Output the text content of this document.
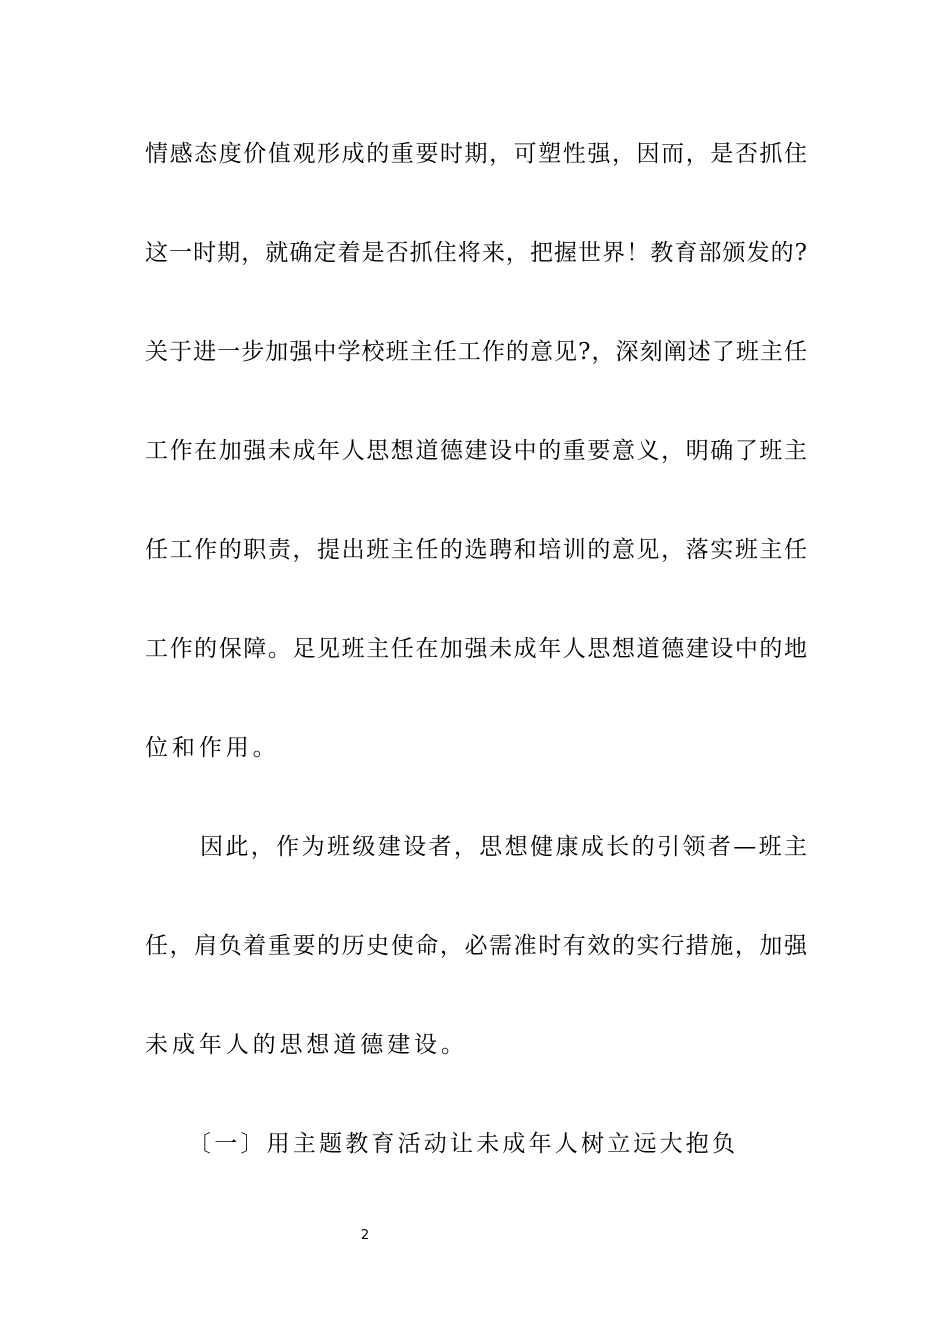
情感态度价值观形成的重要时期，可塑性强，因而，是否抓住
这一时期，就确定着是否抓住将来，把握世界！教育部颁发的?
关于进一步加强中学校班主任工作的意见?，深刻阐述了班主任
工作在加强未成年人思想道德建设中的重要意义，明确了班主
任工作的职责，提出班主任的选聘和培训的意见，落实班主任
工作的保障。足见班主任在加强未成年人思想道德建设中的地
位和作用。
因此，作为班级建设者，思想健康成长的引领者—班主
任，肩负着重要的历史使命，必需准时有效的实行措施，加强
未成年人的思想道德建设。
〔一〕用主题教育活动让未成年人树立远大抱负
2
